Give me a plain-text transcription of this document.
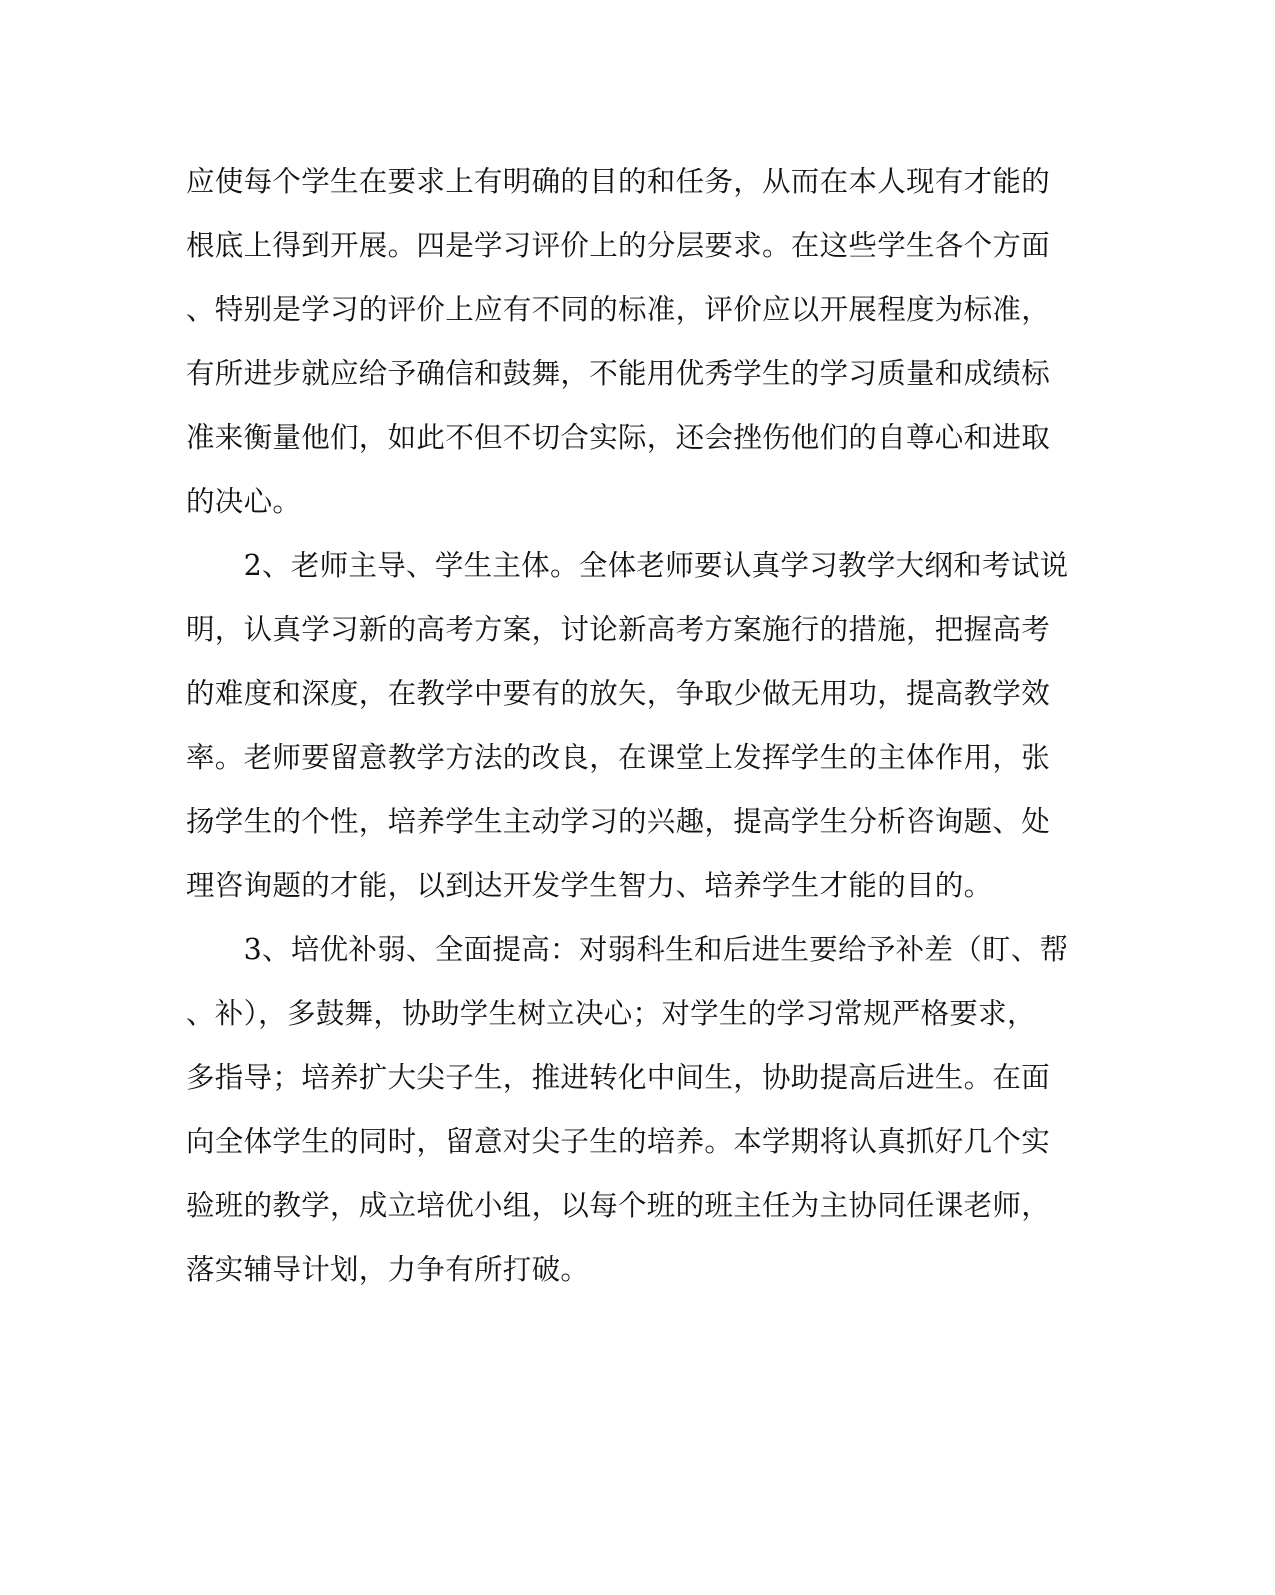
应使每个学生在要求上有明确的目的和任务，从而在本人现有才能的
根底上得到开展。四是学习评价上的分层要求。在这些学生各个方面
、特别是学习的评价上应有不同的标准，评价应以开展程度为标准，
有所进步就应给予确信和鼓舞，不能用优秀学生的学习质量和成绩标
准来衡量他们，如此不但不切合实际，还会挫伤他们的自尊心和进取
的决心。
　　2、老师主导、学生主体。全体老师要认真学习教学大纲和考试说
明，认真学习新的高考方案，讨论新高考方案施行的措施，把握高考
的难度和深度，在教学中要有的放矢，争取少做无用功，提高教学效
率。老师要留意教学方法的改良，在课堂上发挥学生的主体作用，张
扬学生的个性，培养学生主动学习的兴趣，提高学生分析咨询题、处
理咨询题的才能，以到达开发学生智力、培养学生才能的目的。
　　3、培优补弱、全面提高：对弱科生和后进生要给予补差（盯、帮
、补），多鼓舞，协助学生树立决心；对学生的学习常规严格要求，
多指导；培养扩大尖子生，推进转化中间生，协助提高后进生。在面
向全体学生的同时，留意对尖子生的培养。本学期将认真抓好几个实
验班的教学，成立培优小组，以每个班的班主任为主协同任课老师，
落实辅导计划，力争有所打破。
